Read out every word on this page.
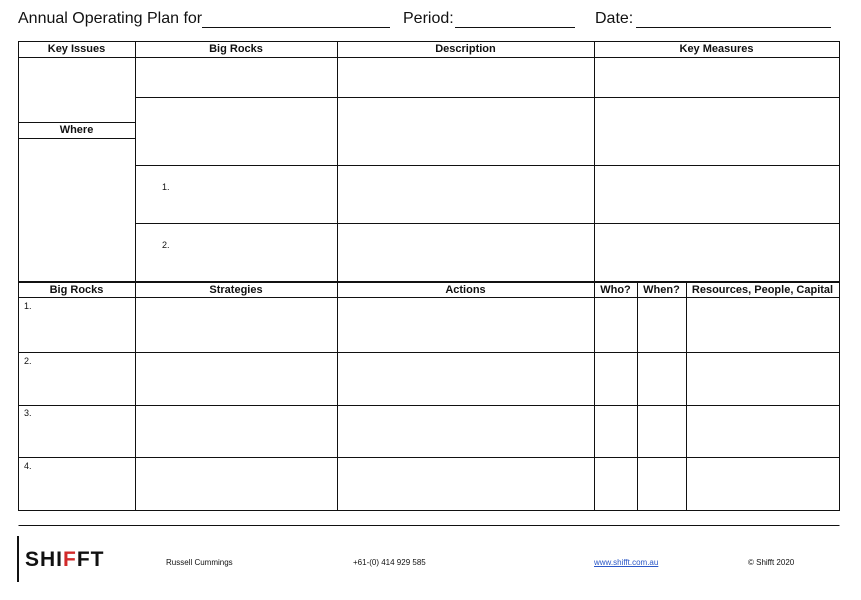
Annual Operating Plan for	Period:	Date:
Key Issues	Big Rocks	Description	Key Measures
Where
1.
2.
Big Rocks	Strategies	Actions	Who?	When?	Resources, People, Capital
1.
2.
3.
4.
SHIFFT	Russell Cummings	+61-(0) 414 929 585	www.shifft.com.au	© Shifft 2020
